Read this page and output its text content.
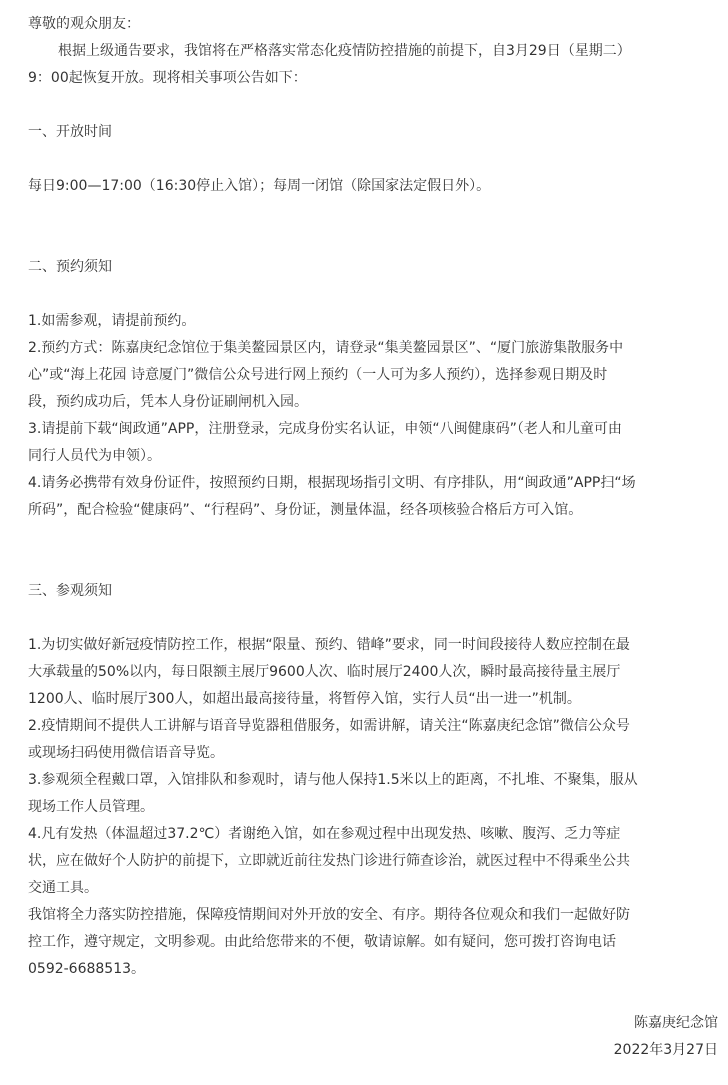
尊敬的观众朋友：
根据上级通告要求，我馆将在严格落实常态化疫情防控措施的前提下，自3月29日（星期二）
9：00起恢复开放。现将相关事项公告如下：
一、开放时间
每日9:00—17:00（16:30停止入馆）；每周一闭馆（除国家法定假日外）。
二、预约须知
1.如需参观，请提前预约。
2.预约方式：陈嘉庚纪念馆位于集美鳌园景区内，请登录“集美鳌园景区”、“厦门旅游集散服务中
心”或“海上花园 诗意厦门”微信公众号进行网上预约（一人可为多人预约），选择参观日期及时
段，预约成功后，凭本人身份证刷闸机入园。
3.请提前下载“闽政通”APP，注册登录，完成身份实名认证，申领“八闽健康码”（老人和儿童可由
同行人员代为申领）。
4.请务必携带有效身份证件，按照预约日期，根据现场指引文明、有序排队，用“闽政通”APP扫“场
所码”，配合检验“健康码”、“行程码”、身份证，测量体温，经各项核验合格后方可入馆。
三、参观须知
1.为切实做好新冠疫情防控工作，根据“限量、预约、错峰”要求，同一时间段接待人数应控制在最
大承载量的50%以内，每日限额主展厅9600人次、临时展厅2400人次，瞬时最高接待量主展厅
1200人、临时展厅300人，如超出最高接待量，将暂停入馆，实行人员“出一进一”机制。
2.疫情期间不提供人工讲解与语音导览器租借服务，如需讲解，请关注“陈嘉庚纪念馆”微信公众号
或现场扫码使用微信语音导览。
3.参观须全程戴口罩，入馆排队和参观时，请与他人保持1.5米以上的距离，不扎堆、不聚集，服从
现场工作人员管理。
4.凡有发热（体温超过37.2℃）者谢绝入馆，如在参观过程中出现发热、咳嗽、腹泻、乏力等症
状，应在做好个人防护的前提下，立即就近前往发热门诊进行筛查诊治，就医过程中不得乘坐公共
交通工具。
我馆将全力落实防控措施，保障疫情期间对外开放的安全、有序。期待各位观众和我们一起做好防
控工作，遵守规定，文明参观。由此给您带来的不便，敬请谅解。如有疑问，您可拨打咨询电话
0592-6688513。
陈嘉庚纪念馆
2022年3月27日
